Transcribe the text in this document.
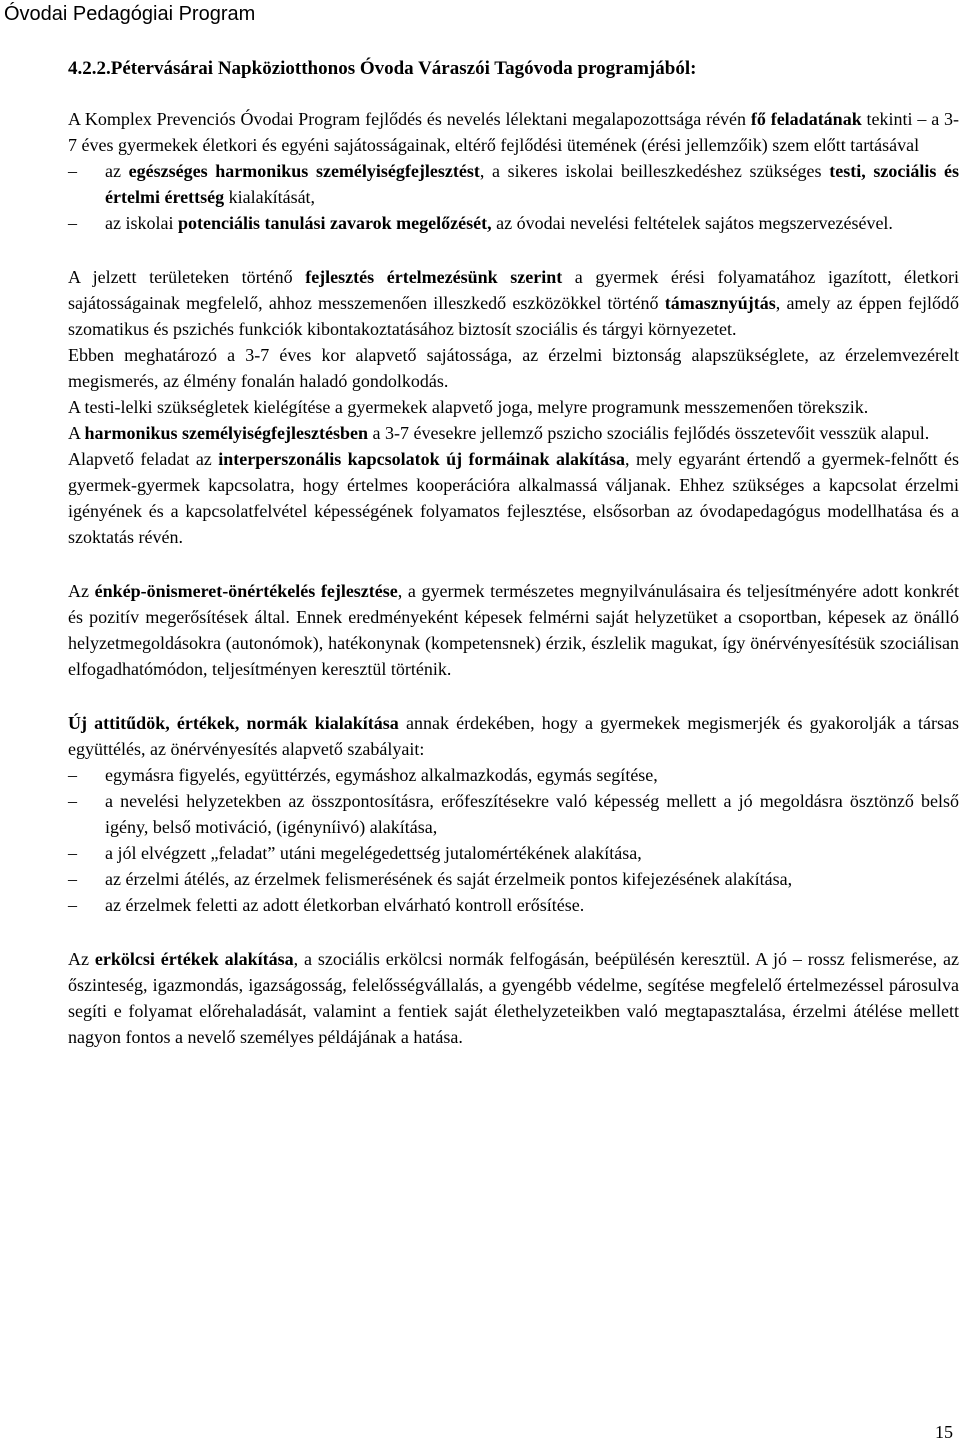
Óvodai Pedagógiai Program
4.2.2.Pétervásárai Napköziotthonos Óvoda Váraszói Tagóvoda programjából:

A Komplex Prevenciós Óvodai Program fejlődés és nevelés lélektani megalapozottsága révén fő feladatának tekinti – a 3-7 éves gyermekek életkori és egyéni sajátosságainak, eltérő fejlődési ütemének (érési jellemzőik) szem előtt tartásával

– az egészséges harmonikus személyiségfejlesztést, a sikeres iskolai beilleszkedéshez szükséges testi, szociális és értelmi érettség kialakítását,
– az iskolai potenciális tanulási zavarok megelőzését, az óvodai nevelési feltételek sajátos megszervezésével.

A jelzett területeken történő fejlesztés értelmezésünk szerint a gyermek érési folyamatához igazított, életkori sajátosságainak megfelelő, ahhoz messzemenően illeszkedő eszközökkel történő támasznyújtás, amely az éppen fejlődő szomatikus és pszichés funkciók kibontakoztatásához biztosít szociális és tárgyi környezetet.

Ebben meghatározó a 3-7 éves kor alapvető sajátossága, az érzelmi biztonság alapszükséglete, az érzelemvezérelt megismerés, az élmény fonalán haladó gondolkodás.

A testi-lelki szükségletek kielégítése a gyermekek alapvető joga, melyre programunk messzemenően törekszik.

A harmonikus személyiségfejlesztésben a 3-7 évesekre jellemző pszicho szociális fejlődés összetevőit vesszük alapul.

Alapvető feladat az interperszonális kapcsolatok új formáinak alakítása, mely egyaránt értendő a gyermek-felnőtt és gyermek-gyermek kapcsolatra, hogy értelmes kooperációra alkalmassá váljanak. Ehhez szükséges a kapcsolat érzelmi igényének és a kapcsolatfelvétel képességének folyamatos fejlesztése, elsősorban az óvodapedagógus modellhatása és a szoktatás révén.

Az énkép-önismeret-önértékelés fejlesztése, a gyermek természetes megnyilvánulásaira és teljesítményére adott konkrét és pozitív megerősítések által. Ennek eredményeként képesek felmérni saját helyzetüket a csoportban, képesek az önálló helyzetmegoldásokra (autonómok), hatékonynak (kompetensnek) érzik, észlelik magukat, így önérvényesítésük szociálisan elfogadhatómódon, teljesítményen keresztül történik.

Új attitűdök, értékek, normák kialakítása annak érdekében, hogy a gyermekek megismerjék és gyakorolják a társas együttélés, az önérvényesítés alapvető szabályait:

– egymásra figyelés, együttérzés, egymáshoz alkalmazkodás, egymás segítése,
– a nevelési helyzetekben az összpontosításra, erőfeszítésekre való képesség mellett a jó megoldásra ösztönző belső igény, belső motiváció, (igényníivó) alakítása,
– a jól elvégzett „feladat” utáni megelégedettség jutalomértékének alakítása,
– az érzelmi átélés, az érzelmek felismerésének és saját érzelmeik pontos kifejezésének alakítása,
– az érzelmek feletti az adott életkorban elvárható kontroll erősítése.

Az erkölcsi értékek alakítása, a szociális erkölcsi normák felfogásán, beépülésén keresztül. A jó – rossz felismerése, az őszinteség, igazmondás, igazságosság, felelősségvállalás, a gyengébb védelme, segítése megfelelő értelmezéssel párosulva segíti e folyamat előrehaladását, valamint a fentiek saját élethelyzeteikben való megtapasztalása, érzelmi átélése mellett nagyon fontos a nevelő személyes példájának a hatása.

15
